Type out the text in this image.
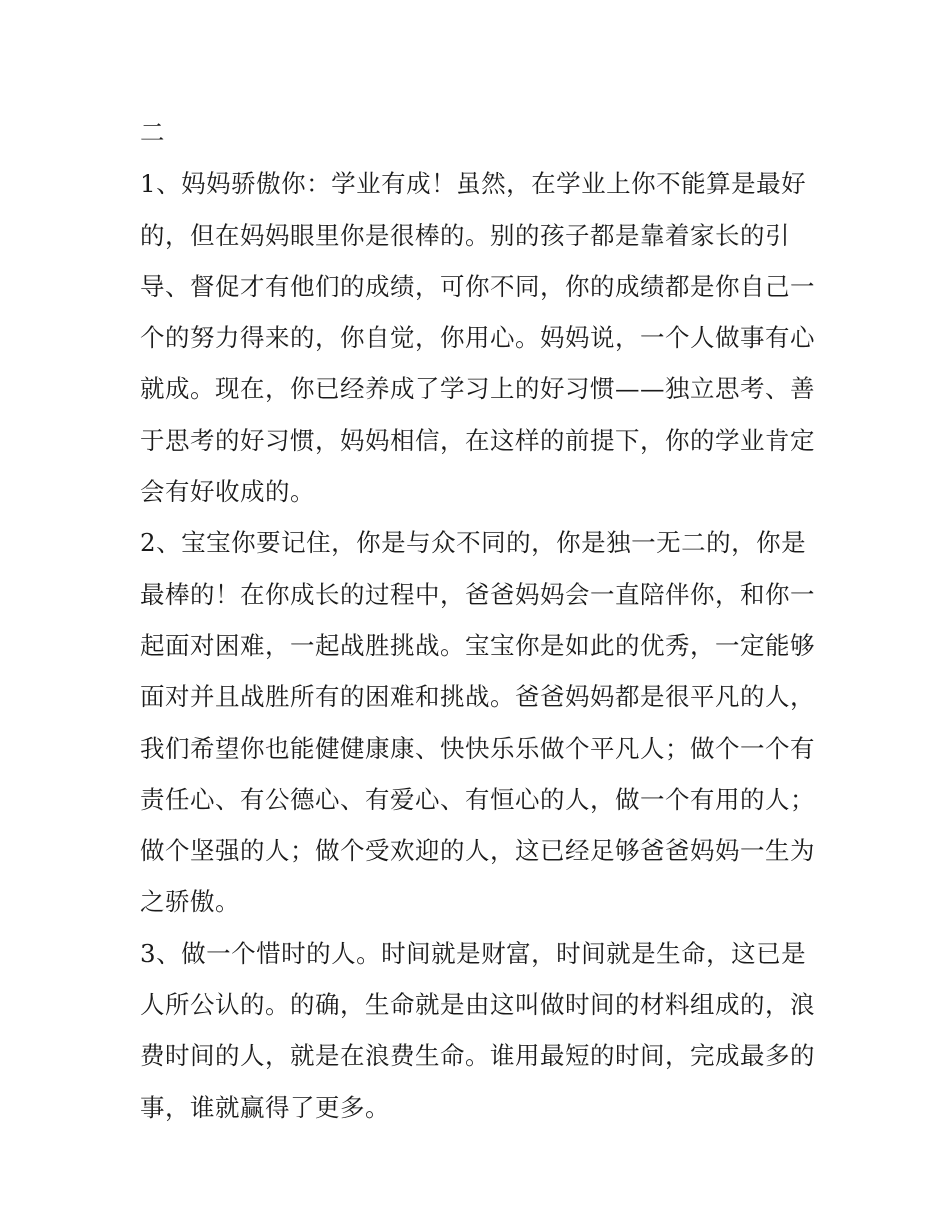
二
1、妈妈骄傲你：学业有成！虽然，在学业上你不能算是最好
的，但在妈妈眼里你是很棒的。别的孩子都是靠着家长的引
导、督促才有他们的成绩，可你不同，你的成绩都是你自己一
个的努力得来的，你自觉，你用心。妈妈说，一个人做事有心
就成。现在，你已经养成了学习上的好习惯——独立思考、善
于思考的好习惯，妈妈相信，在这样的前提下，你的学业肯定
会有好收成的。
2、宝宝你要记住，你是与众不同的，你是独一无二的，你是
最棒的！在你成长的过程中，爸爸妈妈会一直陪伴你，和你一
起面对困难，一起战胜挑战。宝宝你是如此的优秀，一定能够
面对并且战胜所有的困难和挑战。爸爸妈妈都是很平凡的人，
我们希望你也能健健康康、快快乐乐做个平凡人；做个一个有
责任心、有公德心、有爱心、有恒心的人，做一个有用的人；
做个坚强的人；做个受欢迎的人，这已经足够爸爸妈妈一生为
之骄傲。
3、做一个惜时的人。时间就是财富，时间就是生命，这已是
人所公认的。的确，生命就是由这叫做时间的材料组成的，浪
费时间的人，就是在浪费生命。谁用最短的时间，完成最多的
事，谁就赢得了更多。
